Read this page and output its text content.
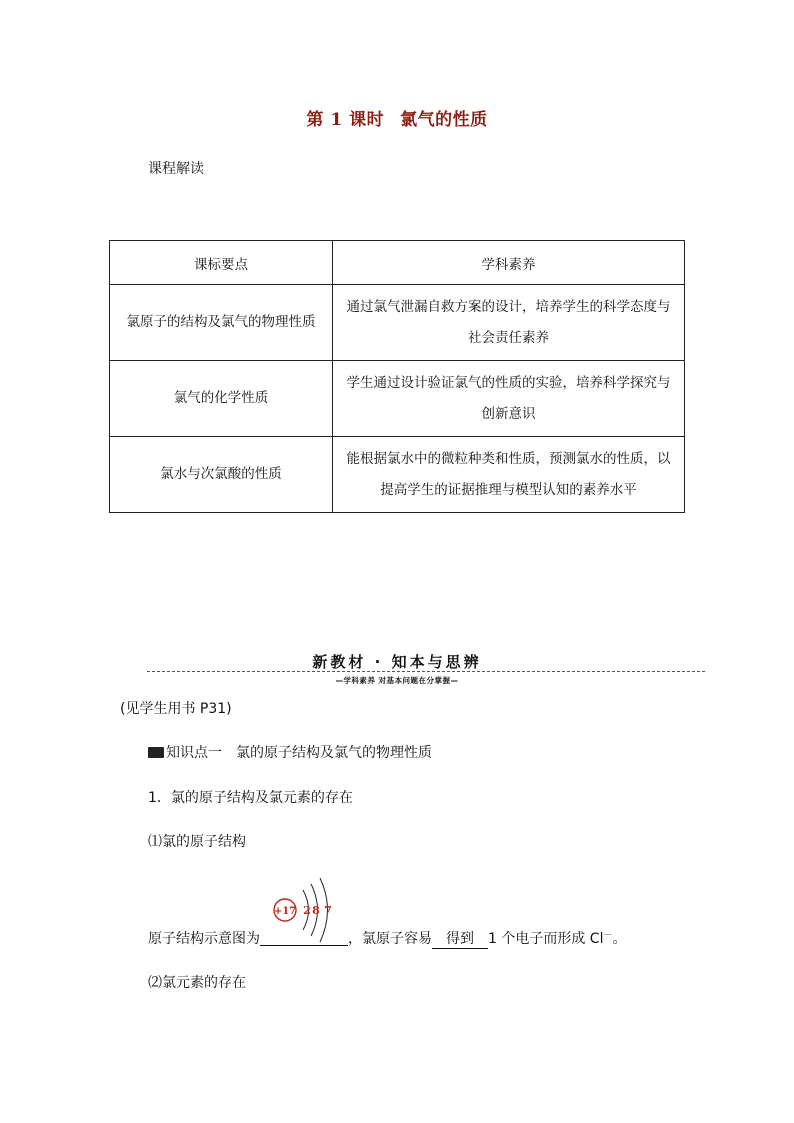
第 1 课时 氯气的性质
课程解读
课标要点	学科素养
氯原子的结构及氯气的物理性质	通过氯气泄漏自救方案的设计，培养学生的科学态度与
社会责任素养
氯气的化学性质	学生通过设计验证氯气的性质的实验，培养科学探究与
创新意识
氯水与次氯酸的性质	能根据氯水中的微粒种类和性质，预测氯水的性质，以
提高学生的证据推理与模型认知的素养水平
新教材 · 知本与思辨
—学科素养 对基本问题在分掌握—
(见学生用书 P31)
知识点一　氯的原子结构及氯气的物理性质
1．氯的原子结构及氯元素的存在
⑴氯的原子结构
+17 2 8 7
原子结构示意图为	，氯原子容易 得到 1 个电子而形成 Cl－。
⑵氯元素的存在
